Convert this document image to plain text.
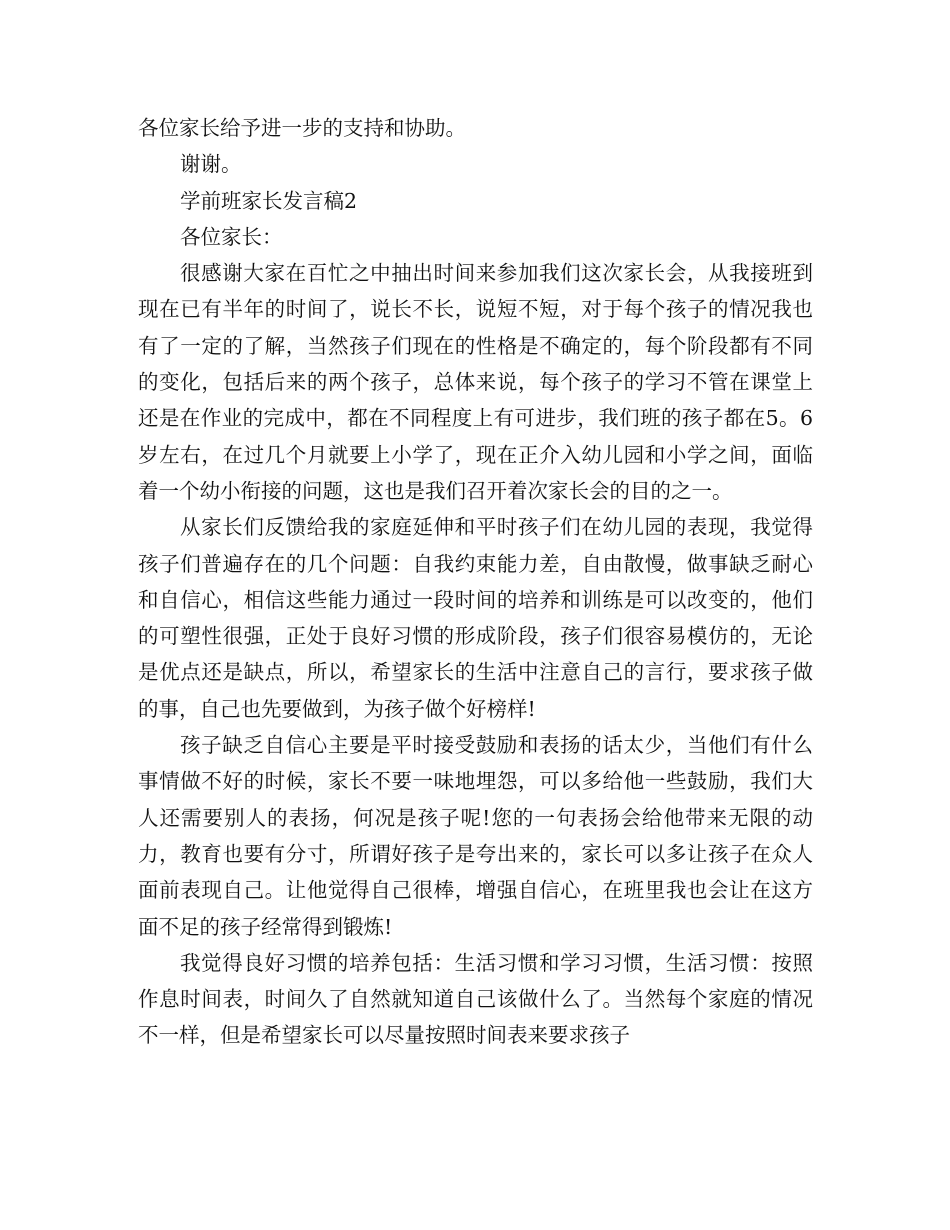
各位家长给予进一步的支持和协助。
谢谢。
学前班家长发言稿2
各位家长：

很感谢大家在百忙之中抽出时间来参加我们这次家长会，从我接班到现在已有半年的时间了，说长不长，说短不短，对于每个孩子的情况我也有了一定的了解，当然孩子们现在的性格是不确定的，每个阶段都有不同的变化，包括后来的两个孩子，总体来说，每个孩子的学习不管在课堂上还是在作业的完成中，都在不同程度上有可进步，我们班的孩子都在5。6岁左右，在过几个月就要上小学了，现在正介入幼儿园和小学之间，面临着一个幼小衔接的问题，这也是我们召开着次家长会的目的之一。

从家长们反馈给我的家庭延伸和平时孩子们在幼儿园的表现，我觉得孩子们普遍存在的几个问题：自我约束能力差，自由散慢，做事缺乏耐心和自信心，相信这些能力通过一段时间的培养和训练是可以改变的，他们的可塑性很强，正处于良好习惯的形成阶段，孩子们很容易模仿的，无论是优点还是缺点，所以，希望家长的生活中注意自己的言行，要求孩子做的事，自己也先要做到，为孩子做个好榜样!

孩子缺乏自信心主要是平时接受鼓励和表扬的话太少，当他们有什么事情做不好的时候，家长不要一味地埋怨，可以多给他一些鼓励，我们大人还需要别人的表扬，何况是孩子呢!您的一句表扬会给他带来无限的动力，教育也要有分寸，所谓好孩子是夸出来的，家长可以多让孩子在众人面前表现自己。让他觉得自己很棒，增强自信心，在班里我也会让在这方面不足的孩子经常得到锻炼!

我觉得良好习惯的培养包括：生活习惯和学习习惯，生活习惯：按照作息时间表，时间久了自然就知道自己该做什么了。当然每个家庭的情况不一样，但是希望家长可以尽量按照时间表来要求孩子
